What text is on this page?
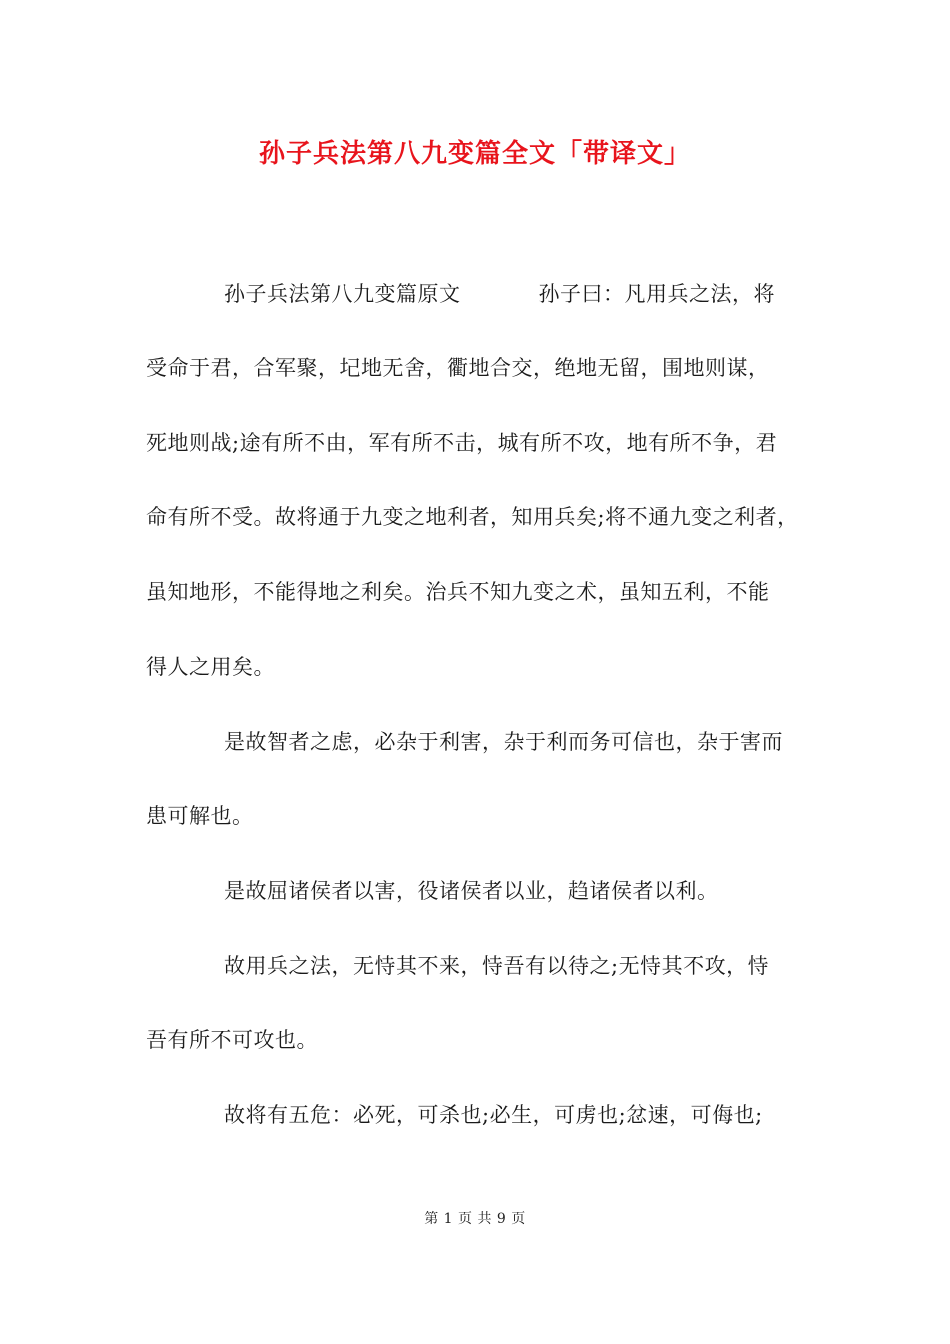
孙子兵法第八九变篇全文「带译文」
孙子兵法第八九变篇原文	孙子曰：凡用兵之法，将
受命于君，合军聚，圮地无舍，衢地合交，绝地无留，围地则谋，
死地则战;途有所不由，军有所不击，城有所不攻，地有所不争，君
命有所不受。故将通于九变之地利者，知用兵矣;将不通九变之利者，
虽知地形，不能得地之利矣。治兵不知九变之术，虽知五利，不能
得人之用矣。
是故智者之虑，必杂于利害，杂于利而务可信也，杂于害而
患可解也。
是故屈诸侯者以害，役诸侯者以业，趋诸侯者以利。
故用兵之法，无恃其不来，恃吾有以待之;无恃其不攻，恃
吾有所不可攻也。
故将有五危：必死，可杀也;必生，可虏也;忿速，可侮也;
第 1 页 共 9 页
